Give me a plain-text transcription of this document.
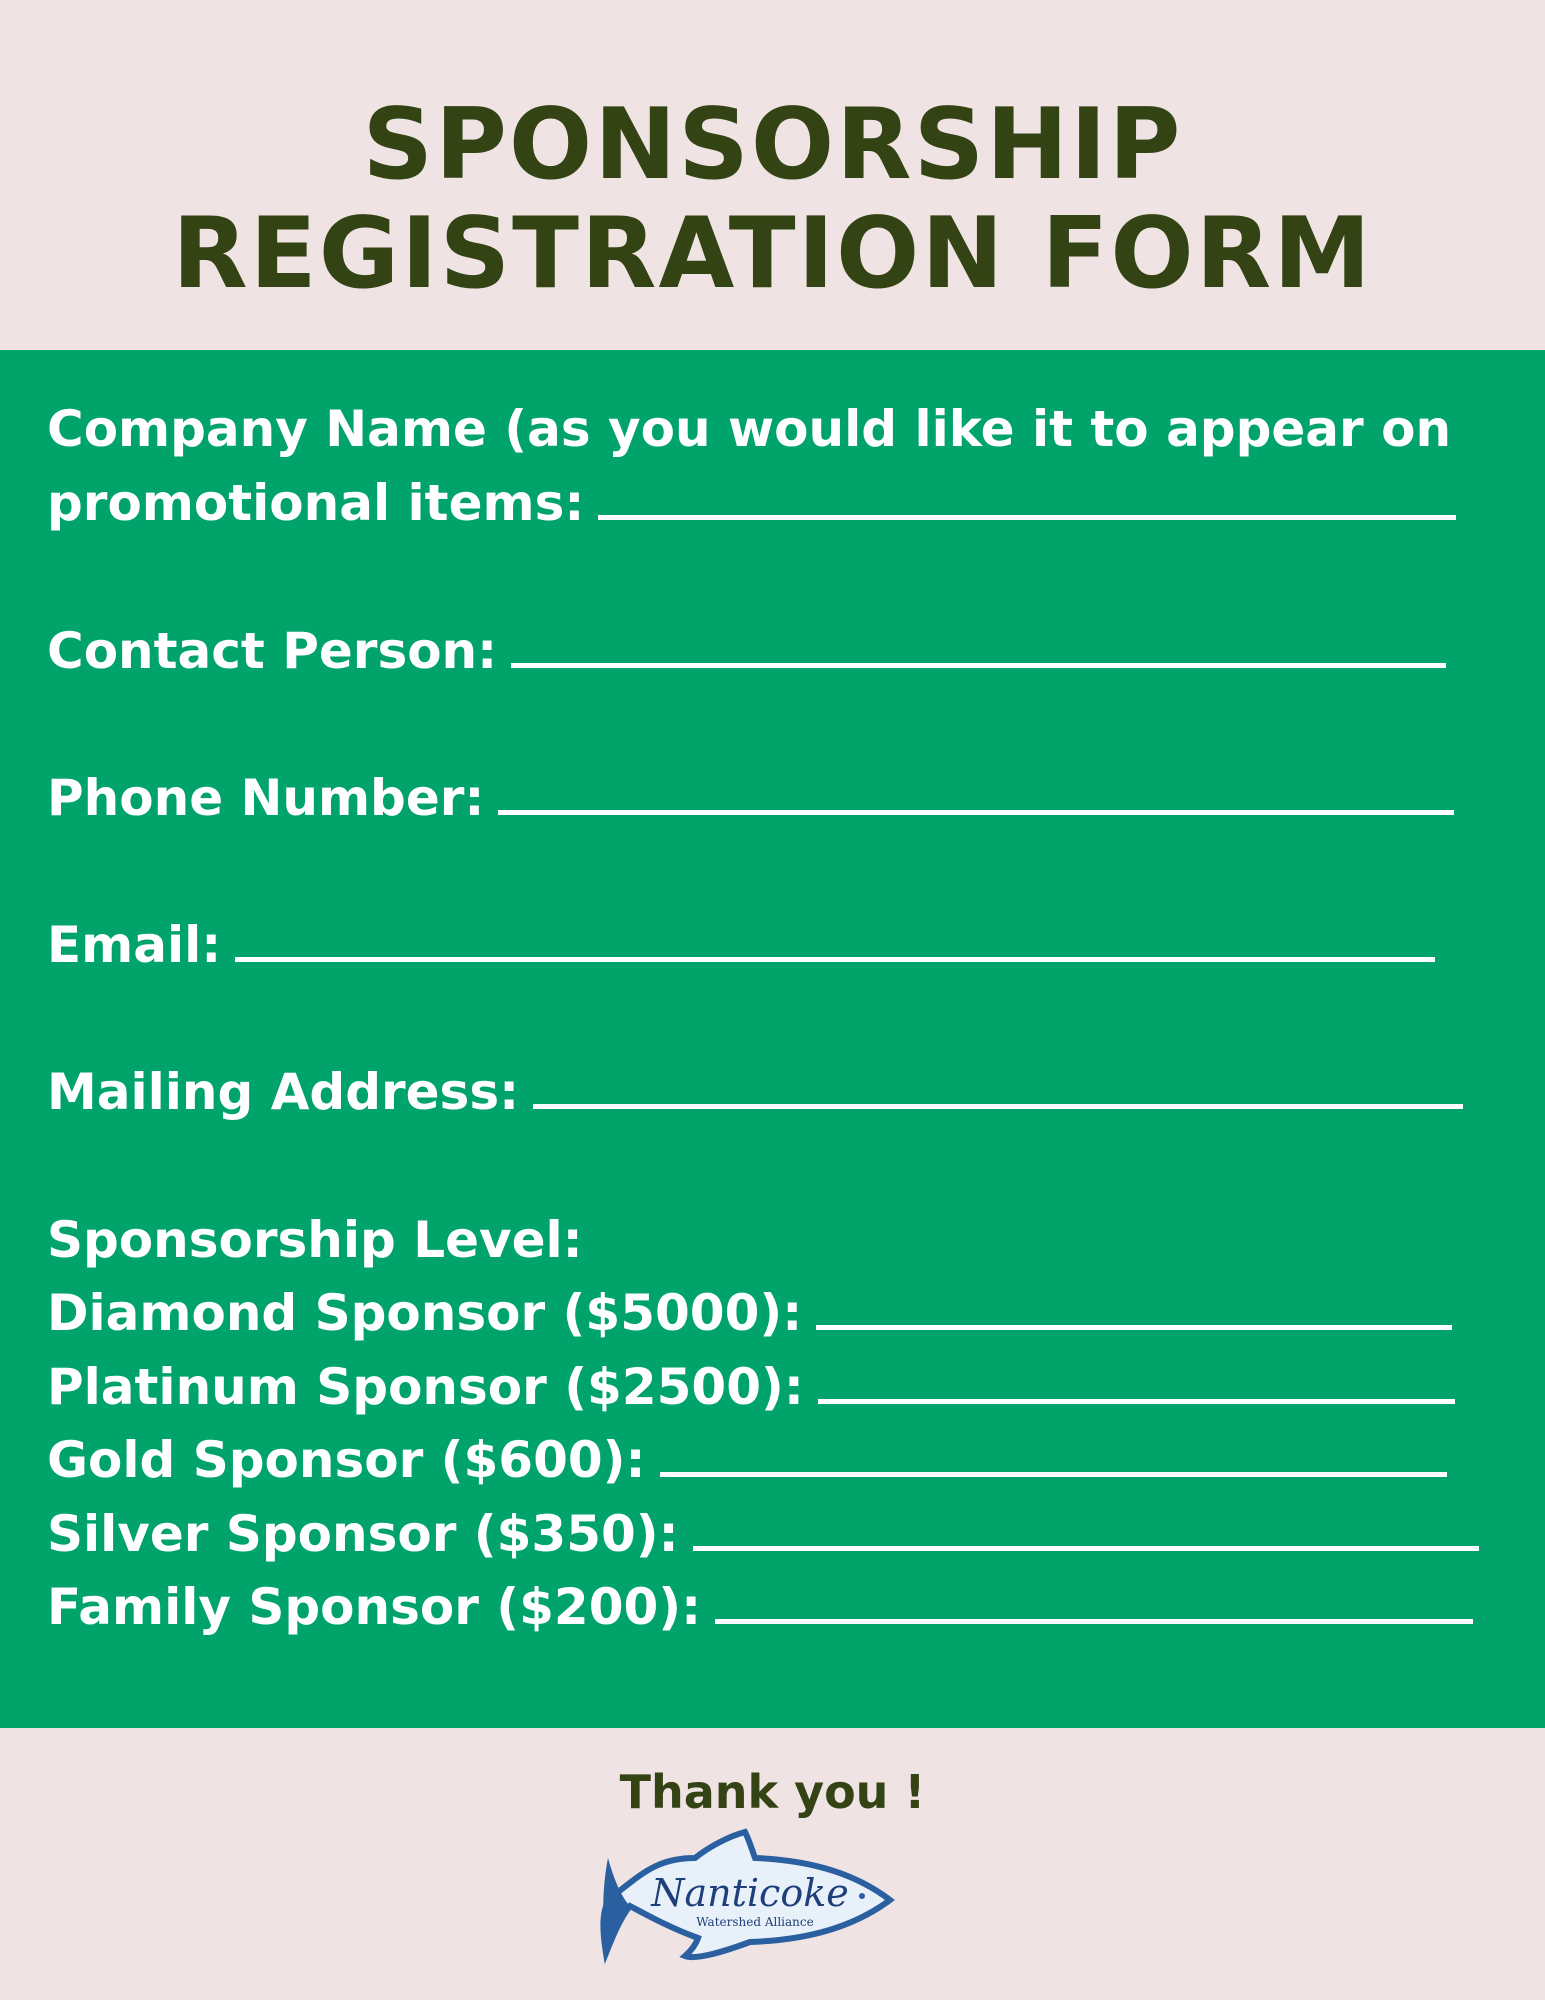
SPONSORSHIP
REGISTRATION FORM
Company Name (as you would like it to appear on
promotional items:
Contact Person:
Phone Number:
Email:
Mailing Address:
Sponsorship Level:
Diamond Sponsor ($5000):
Platinum Sponsor ($2500):
Gold Sponsor ($600):
Silver Sponsor ($350):
Family Sponsor ($200):
Thank you !
Nanticoke
Watershed Alliance
